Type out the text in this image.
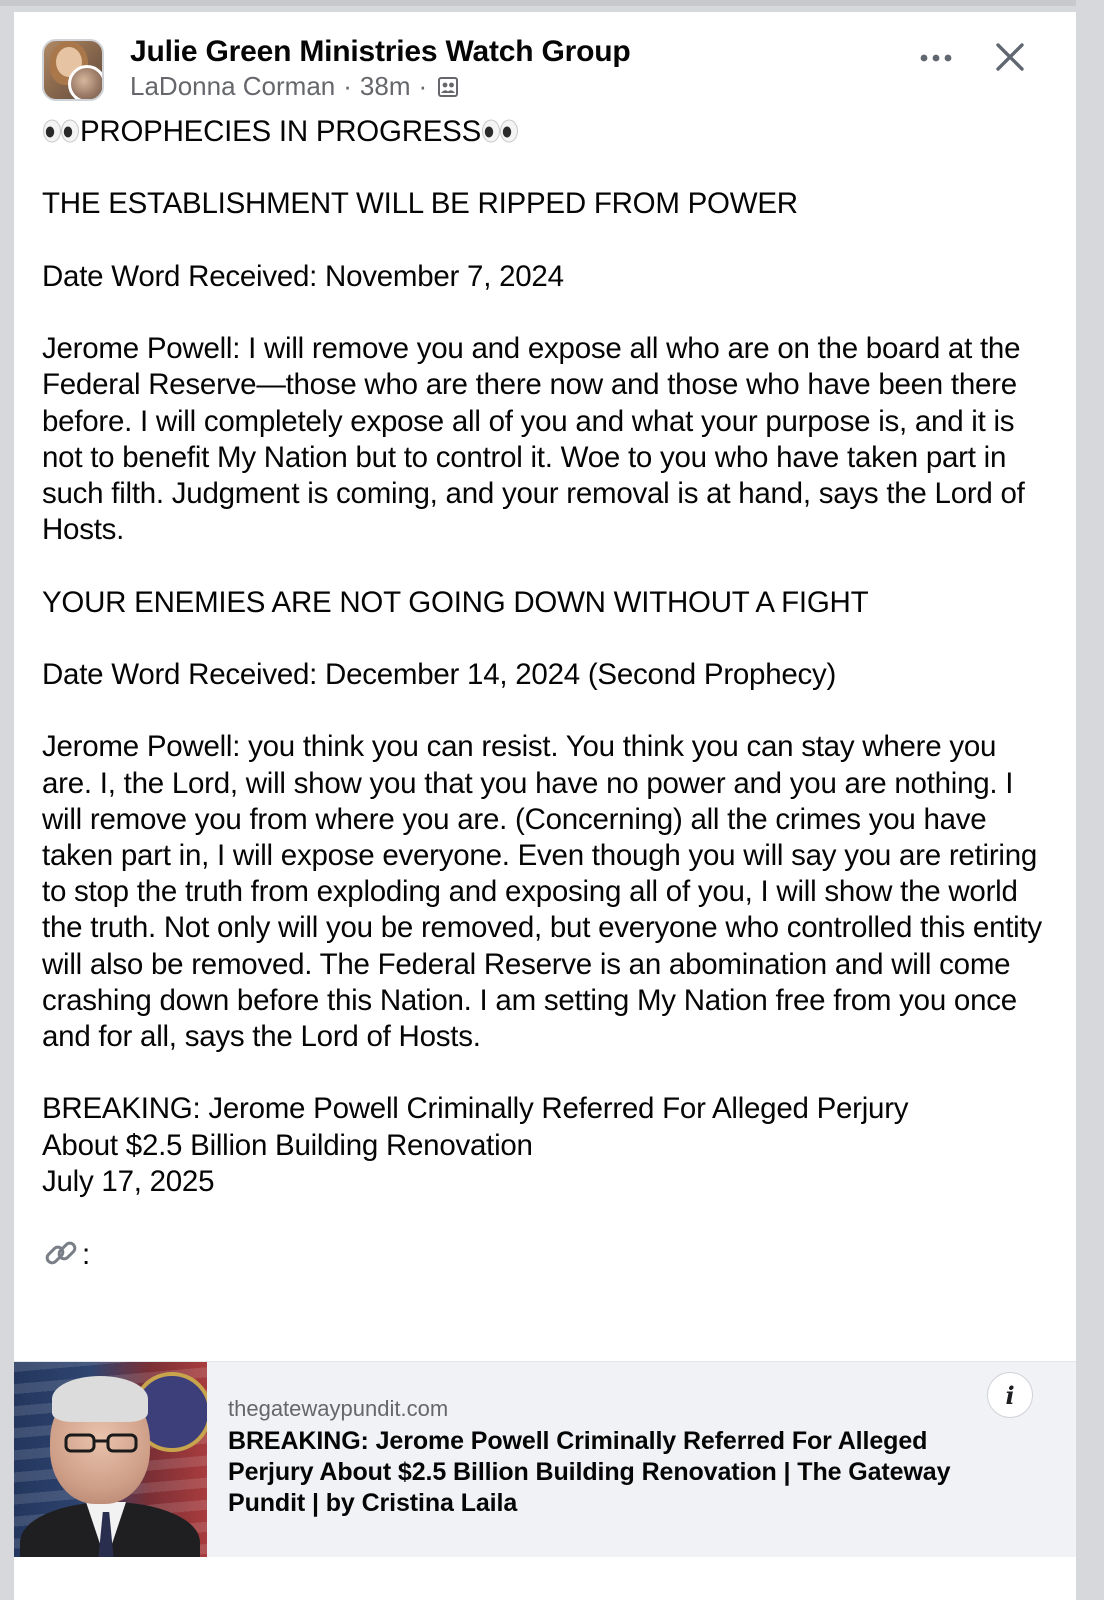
Julie Green Ministries Watch Group
LaDonna Corman · 38m ·

PROPHECIES IN PROGRESS

THE ESTABLISHMENT WILL BE RIPPED FROM POWER

Date Word Received: November 7, 2024

Jerome Powell: I will remove you and expose all who are on the board at the Federal Reserve—those who are there now and those who have been there before. I will completely expose all of you and what your purpose is, and it is not to benefit My Nation but to control it. Woe to you who have taken part in such filth. Judgment is coming, and your removal is at hand, says the Lord of Hosts.

YOUR ENEMIES ARE NOT GOING DOWN WITHOUT A FIGHT

Date Word Received: December 14, 2024 (Second Prophecy)

Jerome Powell: you think you can resist. You think you can stay where you are. I, the Lord, will show you that you have no power and you are nothing. I will remove you from where you are. (Concerning) all the crimes you have taken part in, I will expose everyone. Even though you will say you are retiring to stop the truth from exploding and exposing all of you, I will show the world the truth. Not only will you be removed, but everyone who controlled this entity will also be removed. The Federal Reserve is an abomination and will come crashing down before this Nation. I am setting My Nation free from you once and for all, says the Lord of Hosts.

BREAKING: Jerome Powell Criminally Referred For Alleged Perjury

About $2.5 Billion Building Renovation

July 17, 2025

:

thegatewaypundit.com
BREAKING: Jerome Powell Criminally Referred For Alleged Perjury About $2.5 Billion Building Renovation | The Gateway Pundit | by Cristina Laila
i
